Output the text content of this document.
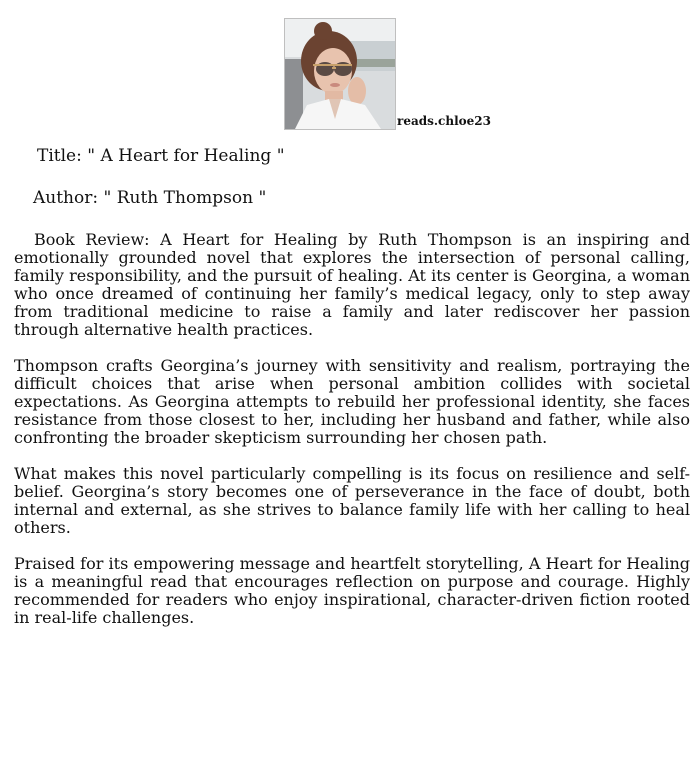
reads.chloe23
Title: " A Heart for Healing "
Author: " Ruth Thompson "

Book Review: A Heart for Healing by Ruth Thompson is an inspiring and emotionally grounded novel that explores the intersection of personal calling, family responsibility, and the pursuit of healing. At its center is Georgina, a woman who once dreamed of continuing her family’s medical legacy, only to step away from traditional medicine to raise a family and later rediscover her passion through alternative health practices.

Thompson crafts Georgina’s journey with sensitivity and realism, portraying the difficult choices that arise when personal ambition collides with societal expectations. As Georgina attempts to rebuild her professional identity, she faces resistance from those closest to her, including her husband and father, while also confronting the broader skepticism surrounding her chosen path.

What makes this novel particularly compelling is its focus on resilience and self-belief. Georgina’s story becomes one of perseverance in the face of doubt, both internal and external, as she strives to balance family life with her calling to heal others.

Praised for its empowering message and heartfelt storytelling, A Heart for Healing is a meaningful read that encourages reflection on purpose and courage. Highly recommended for readers who enjoy inspirational, character-driven fiction rooted in real-life challenges.
